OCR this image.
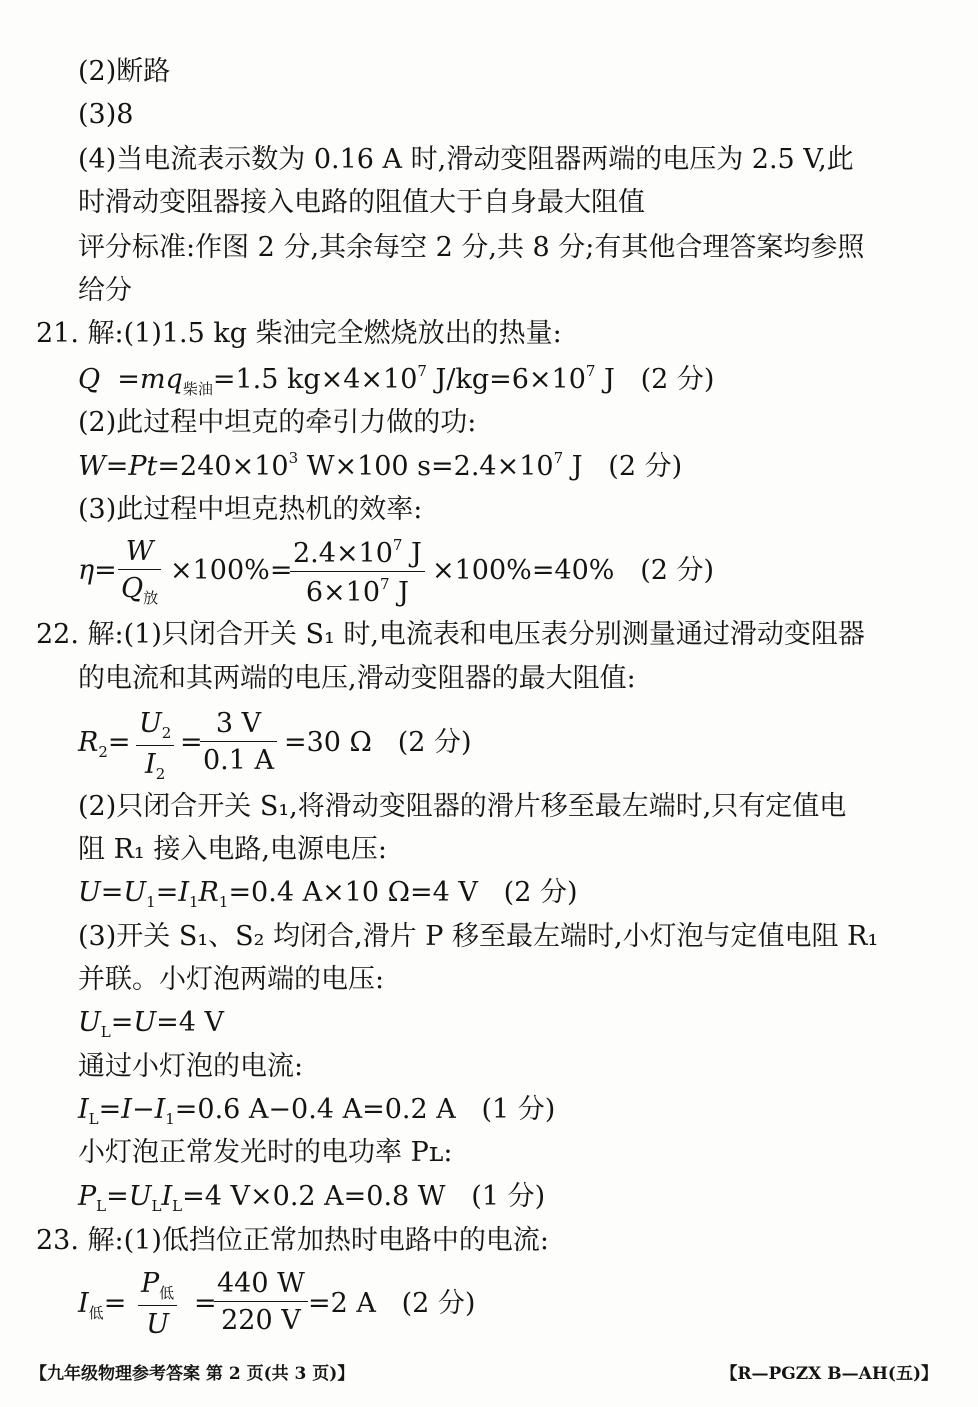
(2)断路
(3)8
(4)当电流表示数为 0.16 A 时,滑动变阻器两端的电压为 2.5 V,此
时滑动变阻器接入电路的阻值大于自身最大阻值
评分标准:作图 2 分,其余每空 2 分,共 8 分;有其他合理答案均参照
给分
21. 解:(1)1.5 kg 柴油完全燃烧放出的热量:
$Q =mq_{柴油}=1.5$ $kg\times 4\times 10^7$ $J/kg=6\times 10^7$ J   (2 分)
(2)此过程中坦克的牵引力做的功:
$W=Pt=240\times 10^3$ W×100 $s=2.4\times 10^7$ J   (2 分)
(3)此过程中坦克热机的效率:
η=
W
$Q_放$
×100%=
$\frac{2.4\times 10^7 J}{6\times 10^7 J} \times 100\%=40\%$   (2 分)
22. 解:(1)只闭合开关 S₁ 时,电流表和电压表分别测量通过滑动变阻器
的电流和其两端的电压,滑动变阻器的最大阻值:
$R_2= \frac{U_2}{I_2}$ =
$\frac{3 V}{0.1 A} =30$ Ω   (2 分)
(2)只闭合开关 S₁,将滑动变阻器的滑片移至最左端时,只有定值电
阻 R₁ 接入电路,电源电压:
$U=U_1=I_1R_1=0.4$ A×10 Ω=4 V   (2 分)
(3)开关 S₁、S₂ 均闭合,滑片 P 移至最左端时,小灯泡与定值电阻 R₁
并联。小灯泡两端的电压:
$U_L=U=4$ V
通过小灯泡的电流:
$I_L=I-I_1=0.6$ A−0.4 A=0.2 A   (1 分)
小灯泡正常发光时的电功率 Pʟ:
$P_L=U_LI_L=4$ V×0.2 A=0.8 W   (1 分)
23. 解:(1)低挡位正常加热时电路中的电流:
$I_低=$
$P_低$
U
=
$\frac{440 W}{220 V} =2$ A   (2 分)
【九年级物理参考答案 第 2 页(共 3 页)】	【R—PGZX B—AH(五)】
